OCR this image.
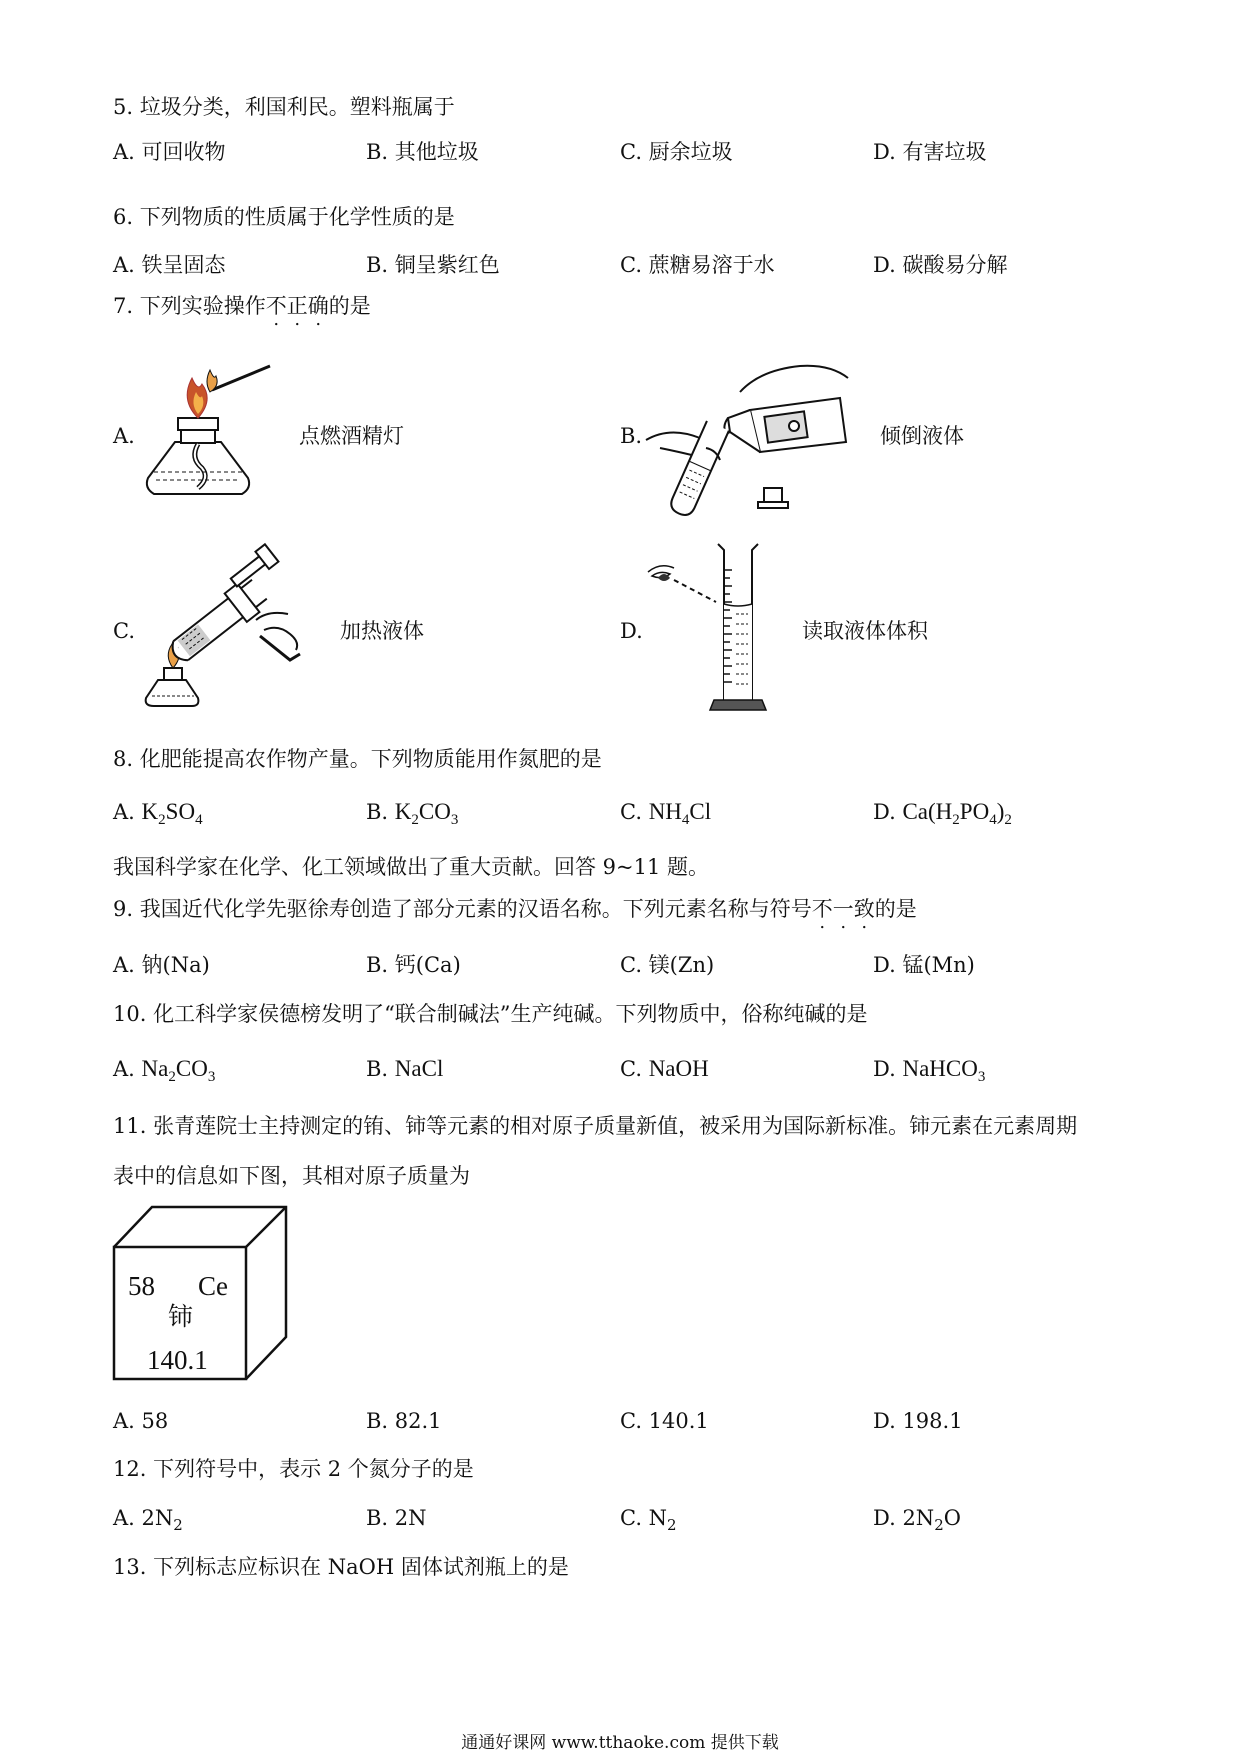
5. 垃圾分类，利国利民。塑料瓶属于
A. 可回收物	B. 其他垃圾	C. 厨余垃圾	D. 有害垃圾
6. 下列物质的性质属于化学性质的是
A. 铁呈固态	B. 铜呈紫红色	C. 蔗糖易溶于水	D. 碳酸易分解
7. 下列实验操作不正确的是
A.	点燃酒精灯	B.	倾倒液体
C.	加热液体	D.	读取液体体积
8. 化肥能提高农作物产量。下列物质能用作氮肥的是
A. $K_2SO_4$	B. $K_2CO_3$	C. $NH_4Cl$	D. $Ca(H_2PO_4)_2$
我国科学家在化学、化工领域做出了重大贡献。回答 9~11 题。
9. 我国近代化学先驱徐寿创造了部分元素的汉语名称。下列元素名称与符号不一致的是
A. 钠(Na)	B. 钙(Ca)	C. 镁(Zn)	D. 锰(Mn)
10. 化工科学家侯德榜发明了“联合制碱法”生产纯碱。下列物质中，俗称纯碱的是
A. $Na_2CO_3$	B. NaCl	C. NaOH	D. NaHCO$_3$
11. 张青莲院士主持测定的铕、铈等元素的相对原子质量新值，被采用为国际新标准。铈元素在元素周期
表中的信息如下图，其相对原子质量为
58 Ce
铈
140.1
A. 58	B. 82.1	C. 140.1	D. 198.1
12. 下列符号中，表示 2 个氮分子的是
A. $2N_2$	B. 2N	C. $N_2$	D. $2N_2O$
13. 下列标志应标识在 NaOH 固体试剂瓶上的是
通通好课网 www.tthaoke.com 提供下载
